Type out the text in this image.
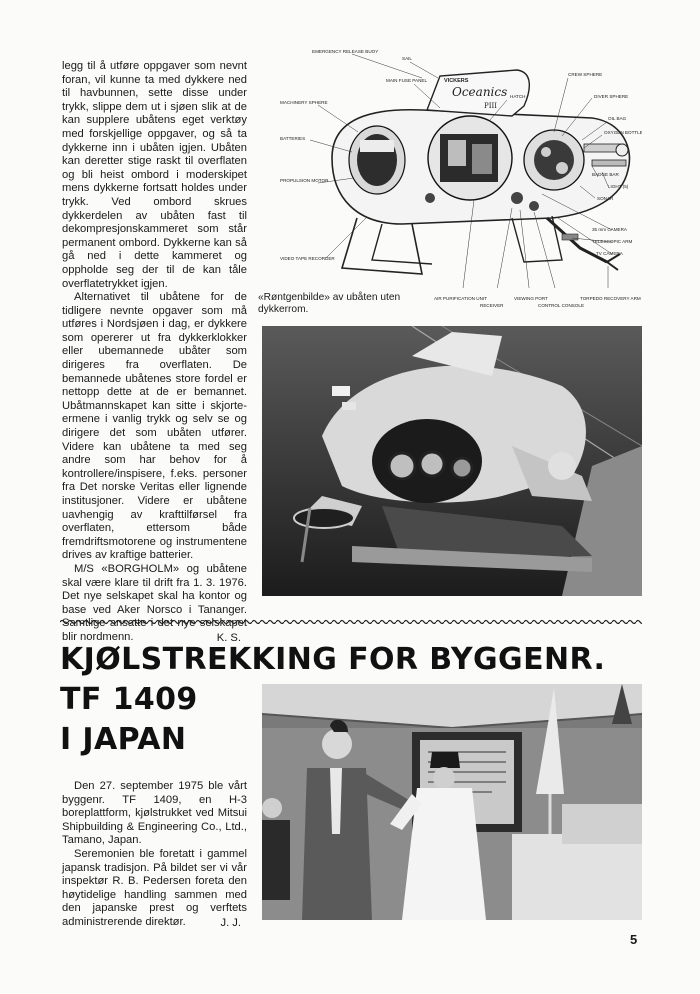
legg til å utføre oppgaver som nevnt foran, vil kunne ta med dykkere ned til havbunnen, sette disse under trykk, slippe dem ut i sjøen slik at de kan supplere ubåtens eget verktøy med forskjellige oppgaver, og så ta dykkerne inn i ubåten igjen. Ubåten kan deretter stige raskt til overflaten og bli heist ombord i moderskipet mens dykkerne fortsatt holdes under trykk. Ved ombord skrues dykkerdelen av ubåten fast til dekompresjonskammeret som står permanent ombord. Dykkerne kan så gå ned i dette kammeret og oppholde seg der til de kan tåle overflatetrykket igjen.

Alternativet til ubåtene for de tidligere nevnte opgaver som må utføres i Nordsjøen i dag, er dykkere som opererer ut fra dykkerklokker eller ubemannede ubåter som dirigeres fra overflaten. De bemannede ubåtenes store fordel er nettopp dette at de er bemannet. Ubåtmannskapet kan sitte i skjorte-ermene i vanlig trykk og selv se og dirigere det som ubåten utfører. Videre kan ubåtene ta med seg andre som har behov for å kontrollere/inspisere, f.eks. personer fra Det norske Veritas eller lignende institusjoner. Videre er ubåtene uavhengig av krafttilførsel fra overflaten, ettersom både fremdriftsmotorene og instrumentene drives av kraftige batterier.

M/S «BORGHOLM» og ubåtene skal være klare til drift fra 1. 3. 1976. Det nye selskapet skal ha kontor og base ved Aker Norsco i Tananger. blir nordmenn.	K. S.
VICKERS
Oceanics
PIII
EMERGENCY RELEASE BUOY
SAIL
MAIN FUSE PANEL
HATCH
CREW SPHERE
MACHINERY SPHERE
DIVER SPHERE
OIL BAG
OXYGEN BOTTLE
BATTERIES
PROPULSION MOTOR
VIDEO TAPE RECORDER
BADGE BAR
LIGHT (5)
SONAR
35 mm CAMERA
TELESCOPIC ARM
TV CAMERA
AIR PURIFICATION UNIT
RECEIVER
VIEWING PORT
CONTROL CONSOLE
TORPEDO RECOVERY ARM
«Røntgenbilde» av ubåten uten dykkerrom.
KJØLSTREKKING FOR BYGGENR.
TF 1409
I JAPAN

Den 27. september 1975 ble vårt byggenr. TF 1409, en H-3 boreplattform, kjølstrukket ved Mitsui Shipbuilding & Engineering Co., Ltd., Tamano, Japan.

Seremonien ble foretatt i gammel japansk tradisjon. På bildet ser vi vår inspektør R. B. Pedersen foreta den høytidelige handling sammen med den japanske prest og verftets administrerende direktør.	J. J.
5
